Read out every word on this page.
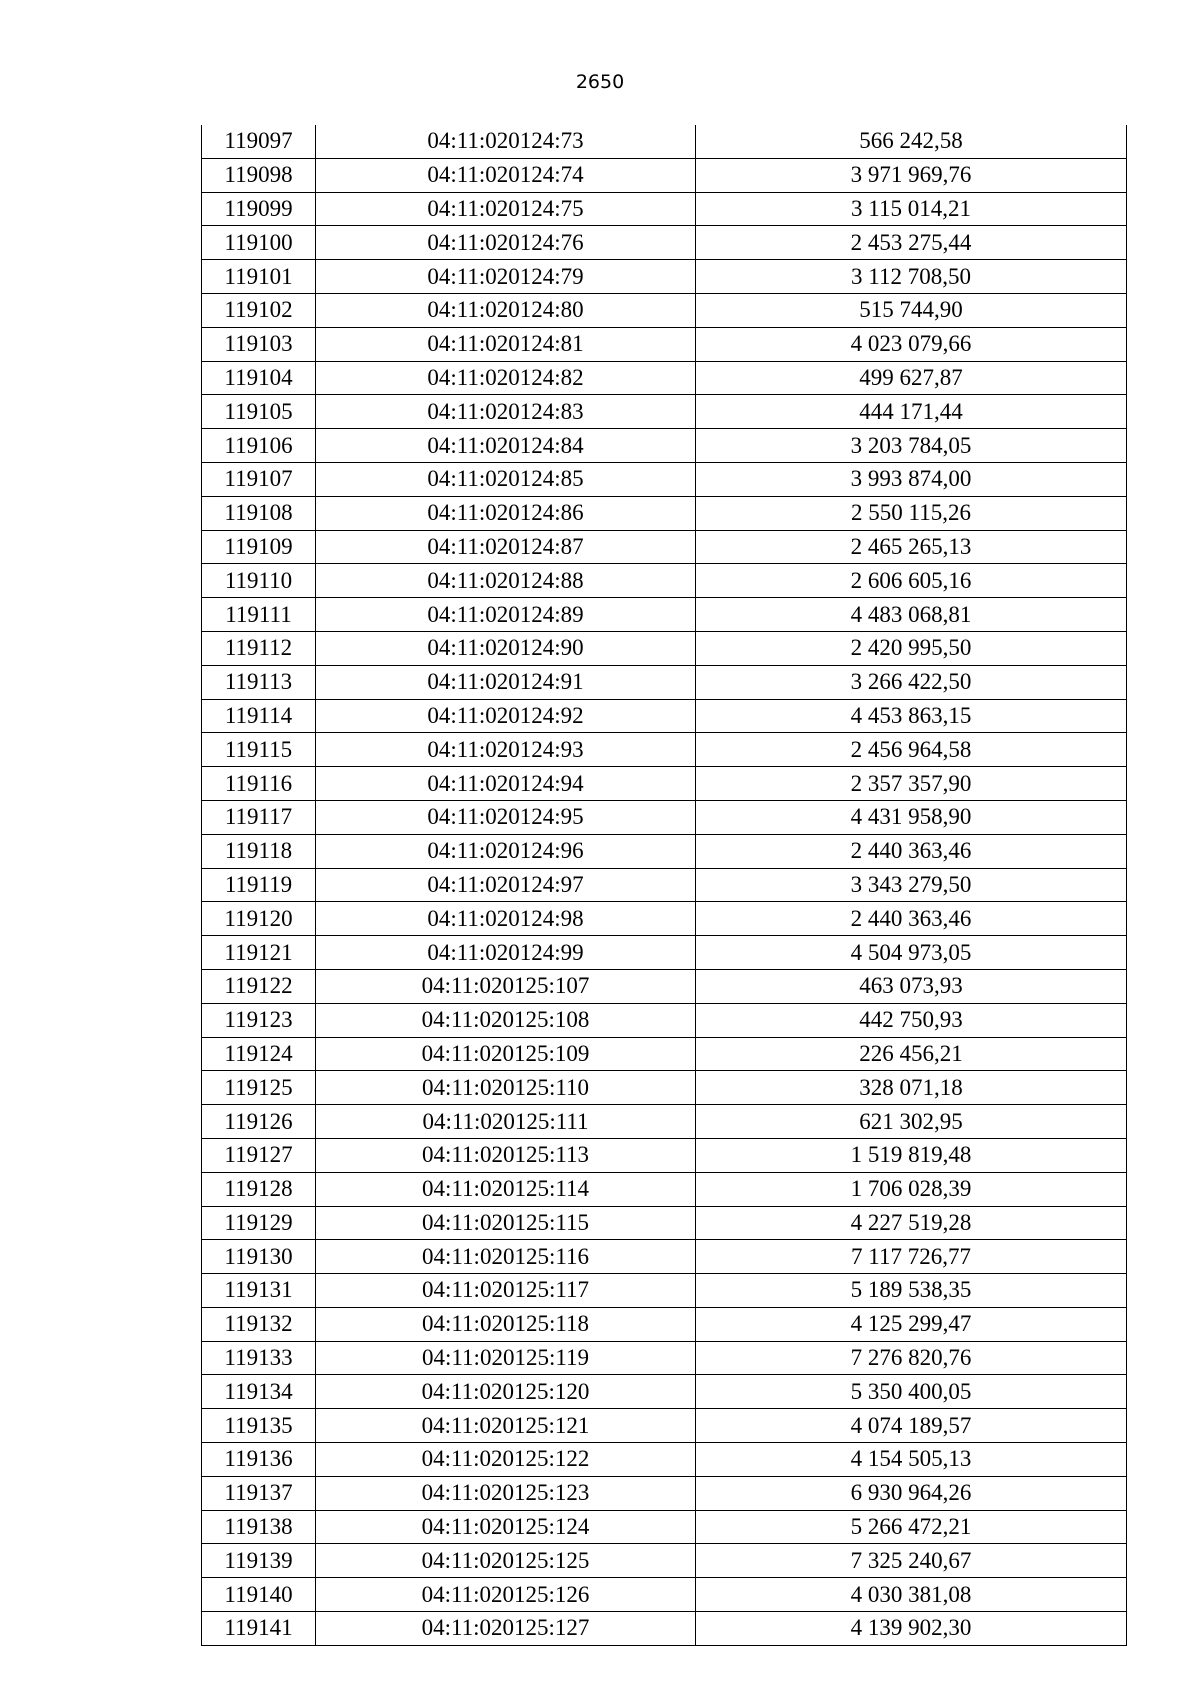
2650
119097	04:11:020124:73	566 242,58
119098	04:11:020124:74	3 971 969,76
119099	04:11:020124:75	3 115 014,21
119100	04:11:020124:76	2 453 275,44
119101	04:11:020124:79	3 112 708,50
119102	04:11:020124:80	515 744,90
119103	04:11:020124:81	4 023 079,66
119104	04:11:020124:82	499 627,87
119105	04:11:020124:83	444 171,44
119106	04:11:020124:84	3 203 784,05
119107	04:11:020124:85	3 993 874,00
119108	04:11:020124:86	2 550 115,26
119109	04:11:020124:87	2 465 265,13
119110	04:11:020124:88	2 606 605,16
119111	04:11:020124:89	4 483 068,81
119112	04:11:020124:90	2 420 995,50
119113	04:11:020124:91	3 266 422,50
119114	04:11:020124:92	4 453 863,15
119115	04:11:020124:93	2 456 964,58
119116	04:11:020124:94	2 357 357,90
119117	04:11:020124:95	4 431 958,90
119118	04:11:020124:96	2 440 363,46
119119	04:11:020124:97	3 343 279,50
119120	04:11:020124:98	2 440 363,46
119121	04:11:020124:99	4 504 973,05
119122	04:11:020125:107	463 073,93
119123	04:11:020125:108	442 750,93
119124	04:11:020125:109	226 456,21
119125	04:11:020125:110	328 071,18
119126	04:11:020125:111	621 302,95
119127	04:11:020125:113	1 519 819,48
119128	04:11:020125:114	1 706 028,39
119129	04:11:020125:115	4 227 519,28
119130	04:11:020125:116	7 117 726,77
119131	04:11:020125:117	5 189 538,35
119132	04:11:020125:118	4 125 299,47
119133	04:11:020125:119	7 276 820,76
119134	04:11:020125:120	5 350 400,05
119135	04:11:020125:121	4 074 189,57
119136	04:11:020125:122	4 154 505,13
119137	04:11:020125:123	6 930 964,26
119138	04:11:020125:124	5 266 472,21
119139	04:11:020125:125	7 325 240,67
119140	04:11:020125:126	4 030 381,08
119141	04:11:020125:127	4 139 902,30
